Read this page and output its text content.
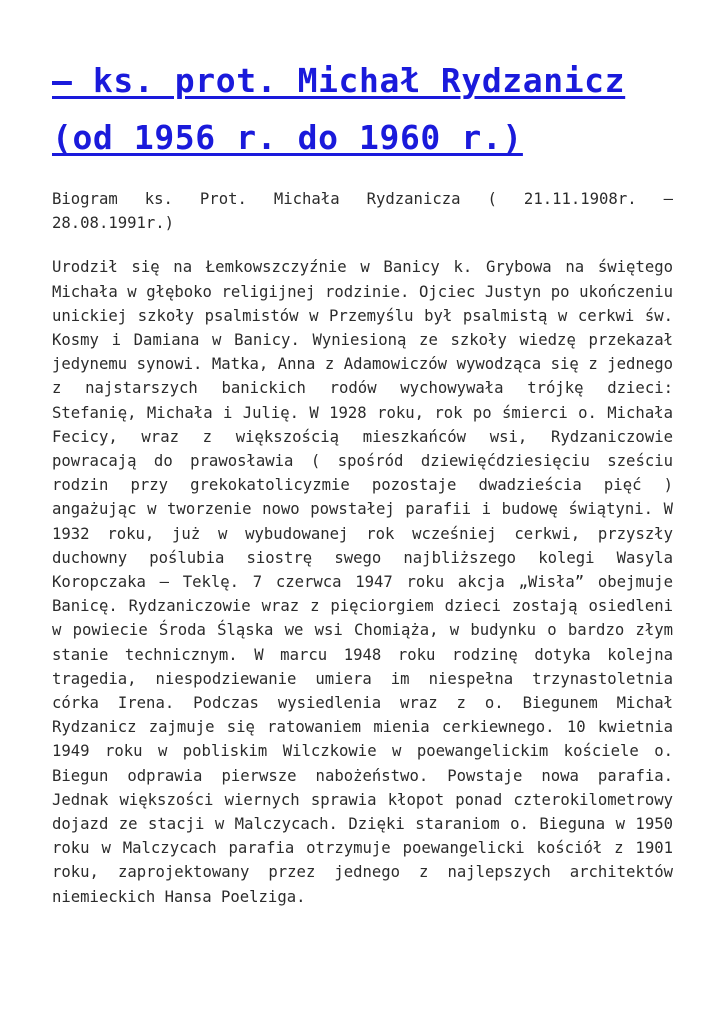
– ks. prot. Michał Rydzanicz (od 1956 r. do 1960 r.)

Biogram ks. Prot. Michała Rydzanicza ( 21.11.1908r. – 28.08.1991r.)

Urodził się na Łemkowszczyźnie w Banicy k. Grybowa na świętego Michała w głęboko religijnej rodzinie. Ojciec Justyn po ukończeniu unickiej szkoły psalmistów w Przemyślu był psalmistą w cerkwi św. Kosmy i Damiana w Banicy. Wyniesioną ze szkoły wiedzę przekazał jedynemu synowi. Matka, Anna z Adamowiczów wywodząca się z jednego z najstarszych banickich rodów wychowywała trójkę dzieci: Stefanię, Michała i Julię. W 1928 roku, rok po śmierci o. Michała Fecicy, wraz z większością mieszkańców wsi, Rydzaniczowie powracają do prawosławia ( spośród dziewięćdziesięciu sześciu rodzin przy grekokatolicyzmie pozostaje dwadzieścia pięć ) angażując w tworzenie nowo powstałej parafii i budowę świątyni. W 1932 roku, już w wybudowanej rok wcześniej cerkwi, przyszły duchowny poślubia siostrę swego najbliższego kolegi Wasyla Koropczaka – Teklę. 7 czerwca 1947 roku akcja „Wisła” obejmuje Banicę. Rydzaniczowie wraz z pięciorgiem dzieci zostają osiedleni w powiecie Środa Śląska we wsi Chomiąża, w budynku o bardzo złym stanie technicznym. W marcu 1948 roku rodzinę dotyka kolejna tragedia, niespodziewanie umiera im niespełna trzynastoletnia córka Irena. Podczas wysiedlenia wraz z o. Biegunem Michał Rydzanicz zajmuje się ratowaniem mienia cerkiewnego. 10 kwietnia 1949 roku w pobliskim Wilczkowie w poewangelickim kościele o. Biegun odprawia pierwsze nabożeństwo. Powstaje nowa parafia. Jednak większości wiernych sprawia kłopot ponad czterokilometrowy dojazd ze stacji w Malczycach. Dzięki staraniom o. Bieguna w 1950 roku w Malczycach parafia otrzymuje poewangelicki kościół z 1901 roku, zaprojektowany przez jednego z najlepszych architektów niemieckich Hansa Poelziga.
